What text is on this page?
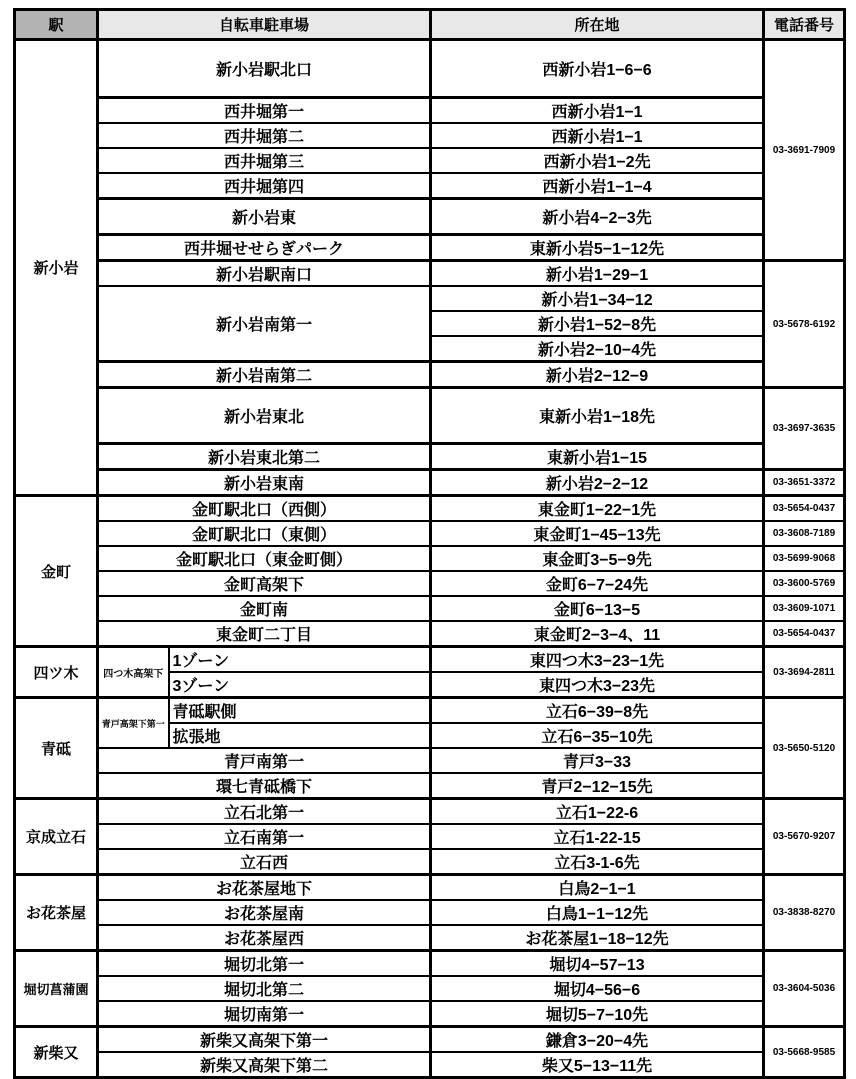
駅	自転車駐車場		所在地	電話番号
新小岩	新小岩駅北口		西新小岩1−6−6	03-3691-7909
	西井堀第一		西新小岩1−1	
	西井堀第二		西新小岩1−1	
	西井堀第三		西新小岩1−2先	
	西井堀第四		西新小岩1−1−4	
	新小岩東		新小岩4−2−3先	
	西井堀せせらぎパーク		東新小岩5−1−12先	
	新小岩駅南口		新小岩1−29−1	03-5678-6192
	新小岩南第一		新小岩1−34−12	
			新小岩1−52−8先	
			新小岩2−10−4先	
	新小岩南第二		新小岩2−12−9	
	新小岩東北		東新小岩1−18先	03-3697-3635
	新小岩東北第二		東新小岩1−15	
	新小岩東南		新小岩2−2−12	03-3651-3372
金町	金町駅北口（西側）		東金町1−22−1先	03-5654-0437
	金町駅北口（東側）		東金町1−45−13先	03-3608-7189
	金町駅北口（東金町側）		東金町3−5−9先	03-5699-9068
	金町高架下		金町6−7−24先	03-3600-5769
	金町南		金町6−13−5	03-3609-1071
	東金町二丁目		東金町2−3−4、11	03-5654-0437
四ツ木	四つ木高架下	1ゾーン	東四つ木3−23−1先	03-3694-2811
		3ゾーン	東四つ木3−23先	
青砥	青戸高架下第一	青砥駅側	立石6−39−8先	03-5650-5120
		拡張地	立石6−35−10先	
	青戸南第一		青戸3−33	
	環七青砥橋下		青戸2−12−15先	
京成立石	立石北第一		立石1−22-6	03-5670-9207
	立石南第一		立石1-22-15	
	立石西		立石3-1-6先	
お花茶屋	お花茶屋地下		白鳥2−1−1	03-3838-8270
	お花茶屋南		白鳥1−1−12先	
	お花茶屋西		お花茶屋1−18−12先	
堀切菖蒲園	堀切北第一		堀切4−57−13	03-3604-5036
	堀切北第二		堀切4−56−6	
	堀切南第一		堀切5−7−10先	
新柴又	新柴又高架下第一		鎌倉3−20−4先	03-5668-9585
	新柴又高架下第二		柴又5−13−11先	
